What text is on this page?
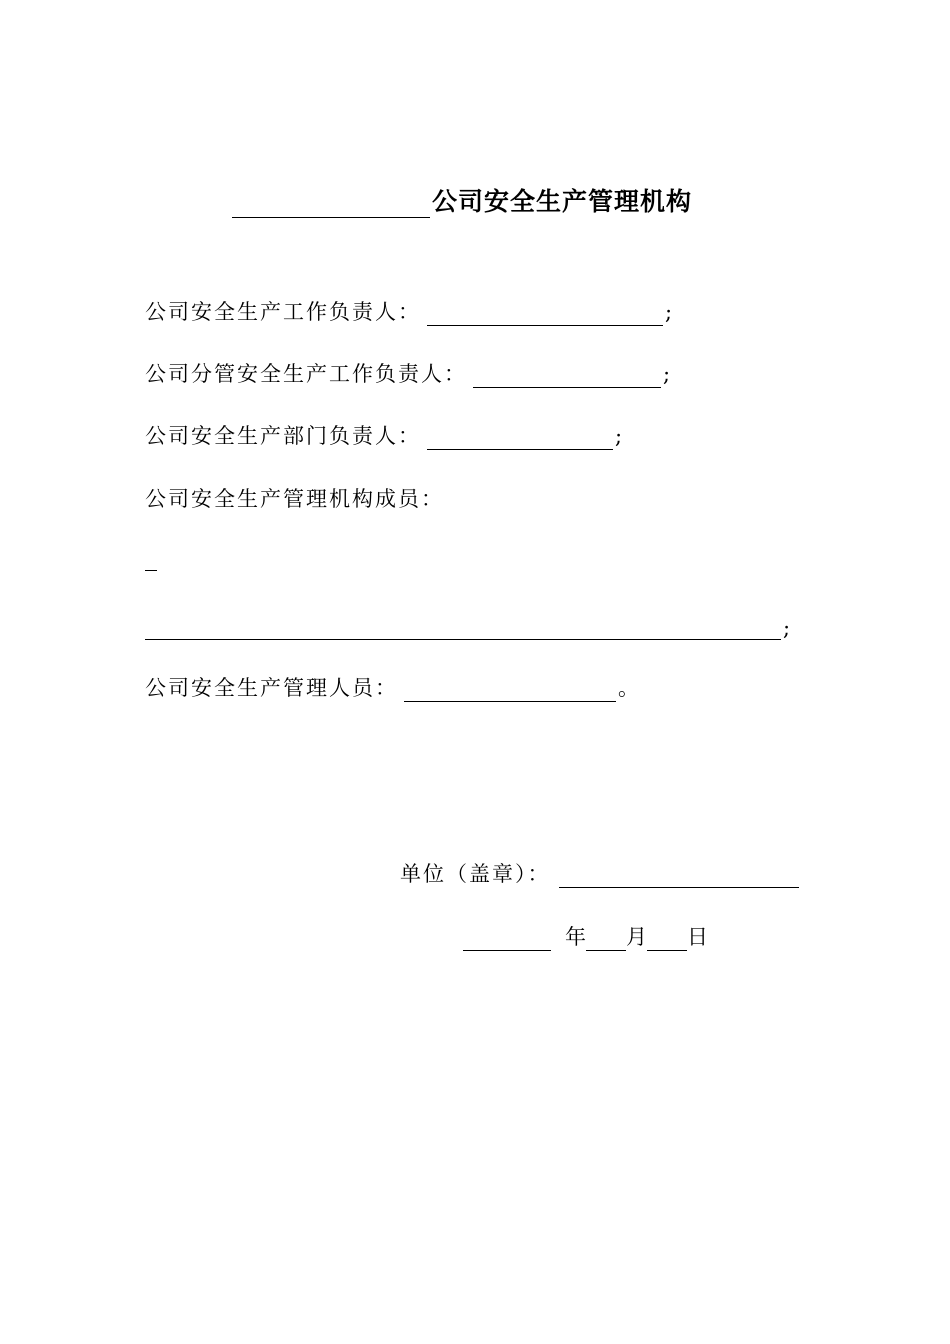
公司安全生产管理机构
公司安全生产工作负责人：	;
公司分管安全生产工作负责人：	;
公司安全生产部门负责人：	;
公司安全生产管理机构成员：
;
公司安全生产管理人员：	。
单位（盖章）：
年 月 日
